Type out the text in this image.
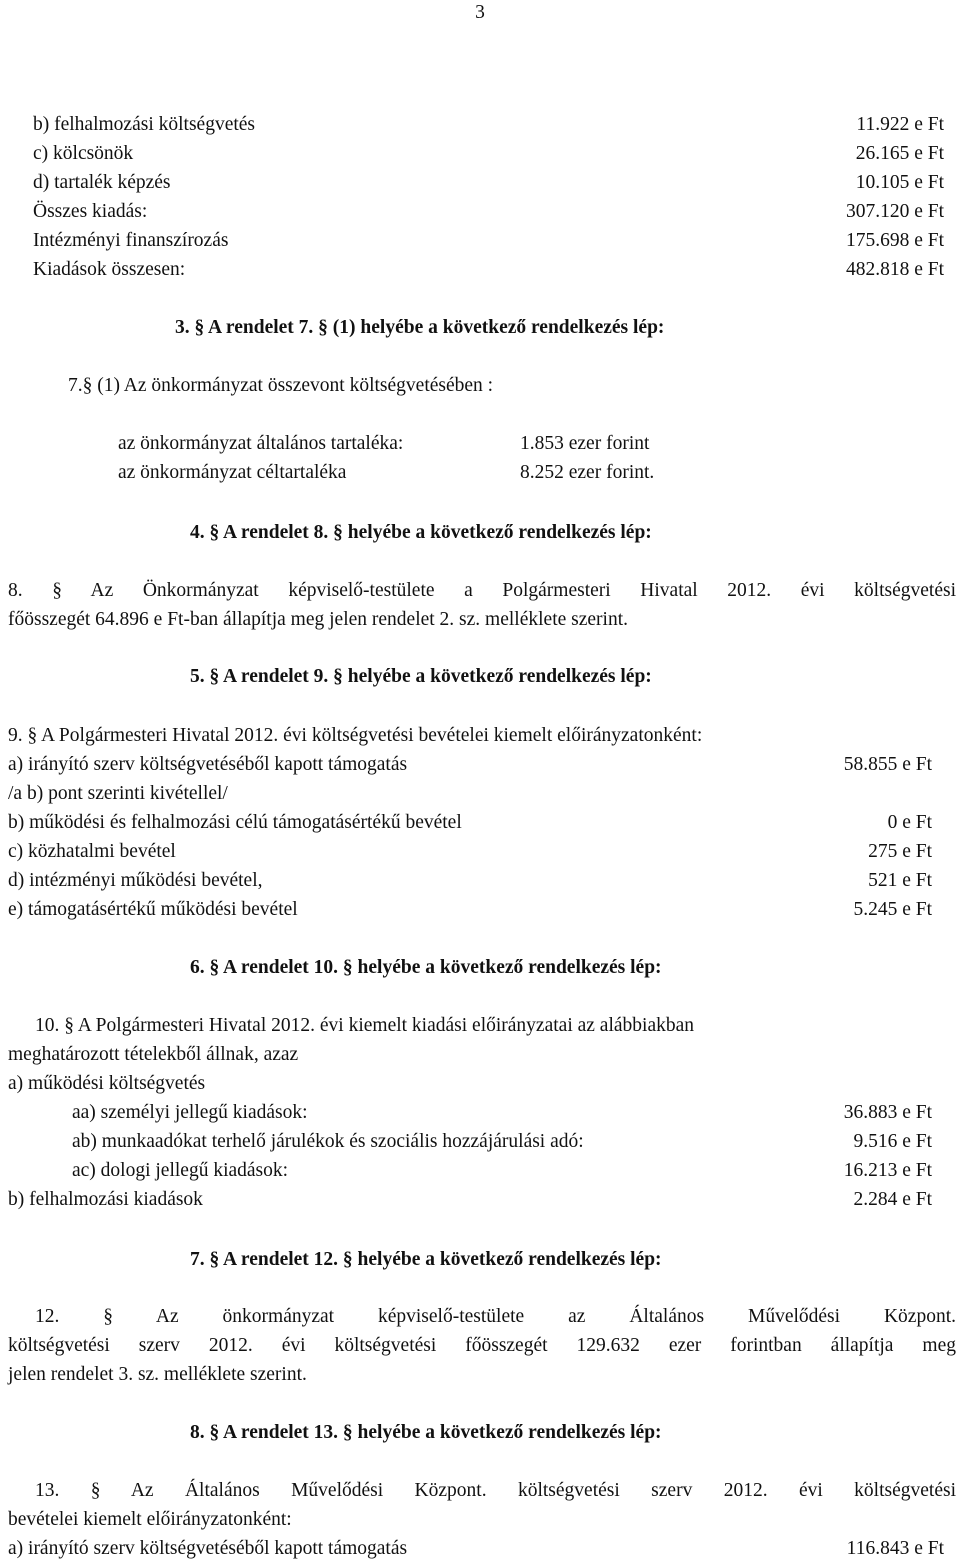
3
b) felhalmozási költségvetés	11.922 e Ft
c) kölcsönök	26.165 e Ft
d) tartalék képzés	10.105 e Ft
Összes kiadás:	307.120 e Ft
Intézményi finanszírozás	175.698 e Ft
Kiadások összesen:	482.818 e Ft
3. § A rendelet 7. § (1) helyébe a következő rendelkezés lép:
7.§ (1) Az önkormányzat összevont költségvetésében :
az önkormányzat általános tartaléka:	1.853 ezer forint
az önkormányzat céltartaléka	8.252 ezer forint.
4. § A rendelet 8. § helyébe a következő rendelkezés lép:
8. § Az Önkormányzat képviselő-testülete a Polgármesteri Hivatal 2012. évi költségvetési
főösszegét 64.896 e Ft-ban állapítja meg jelen rendelet 2. sz. melléklete szerint.
5. § A rendelet 9. § helyébe a következő rendelkezés lép:
9. § A Polgármesteri Hivatal 2012. évi költségvetési bevételei kiemelt előirányzatonként:
a) irányító szerv költségvetéséből kapott támogatás	58.855 e Ft
/a b) pont szerinti kivétellel/
b) működési és felhalmozási célú támogatásértékű bevétel	0 e Ft
c) közhatalmi bevétel	275 e Ft
d) intézményi működési bevétel,	521 e Ft
e) támogatásértékű működési bevétel	5.245 e Ft
6. § A rendelet 10. § helyébe a következő rendelkezés lép:
10. § A Polgármesteri Hivatal 2012. évi kiemelt kiadási előirányzatai az alábbiakban
meghatározott tételekből állnak, azaz
a) működési költségvetés
aa) személyi jellegű kiadások:	36.883 e Ft
ab) munkaadókat terhelő járulékok és szociális hozzájárulási adó:	9.516 e Ft
ac) dologi jellegű kiadások:	16.213 e Ft
b) felhalmozási kiadások	2.284 e Ft
7. § A rendelet 12. § helyébe a következő rendelkezés lép:
12. § Az önkormányzat képviselő-testülete az Általános Művelődési Központ.
költségvetési szerv 2012. évi költségvetési főösszegét 129.632 ezer forintban állapítja meg
jelen rendelet 3. sz. melléklete szerint.
8. § A rendelet 13. § helyébe a következő rendelkezés lép:
13. § Az Általános Művelődési Központ. költségvetési szerv 2012. évi költségvetési
bevételei kiemelt előirányzatonként:
a) irányító szerv költségvetéséből kapott támogatás	116.843 e Ft
